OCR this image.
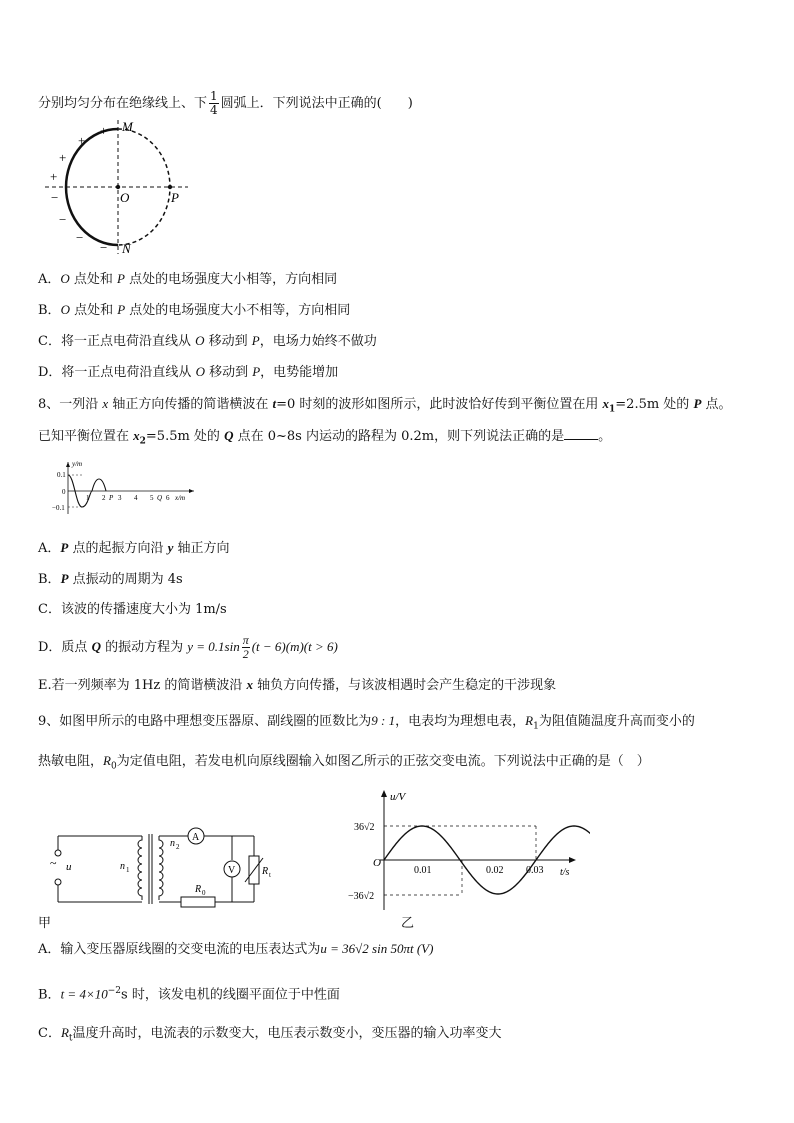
分别均匀分布在绝缘线上、下 $\frac{1}{4}$ 圆弧上．下列说法中正确的(　　)
M
N
O	P
+
+
+
+
−
−
−
−
A．O 点处和 P 点处的电场强度大小相等，方向相同
B．O 点处和 P 点处的电场强度大小不相等，方向相同
C．将一正点电荷沿直线从 O 移动到 P，电场力始终不做功
D．将一正点电荷沿直线从 O 移动到 P，电势能增加
8、一列沿 x 轴正方向传播的简谐横波在 t=0 时刻的波形如图所示，此时波恰好传到平衡位置在用 $x_1=2.5m$ 处的 P 点。
已知平衡位置在 $x_2=5.5m$ 处的 Q 点在 0~8s 内运动的路程为 0.2m，则下列说法正确的是	。
y/m
0.1
0
−0.1
1 2 P 3 4 5 Q 6 x/m
A．P 点的起振方向沿 y 轴正方向
B．P 点振动的周期为 4s
C．该波的传播速度大小为 1m/s
D．质点 Q 的振动方程为 $y = 0.1\sin \frac{\pi}{2} (t - 6)(m)(t > 6)$
E.若一列频率为 1Hz 的简谐横波沿 x 轴负方向传播，与该波相遇时会产生稳定的干涉现象
9、如图甲所示的电路中理想变压器原、副线圈的匝数比为9 : 1，电表均为理想电表，$R_1$为阻值随温度升高而变小的
热敏电阻，$R_0$为定值电阻，若发电机向原线圈输入如图乙所示的正弦交变电流。下列说法中正确的是（　）
~ u	n 1
n 2
A
R 0
V	R t
甲
u/V
36√2
−36√2
O
0.01	0.02 0.03 t/s
乙
A．输入变压器原线圈的交变电流的电压表达式为u = 36√2 sin 50πt (V)
B．$t = 4\times 10^{-2}s$ 时，该发电机的线圈平面位于中性面
C．$R_t$温度升高时，电流表的示数变大，电压表示数变小，变压器的输入功率变大
